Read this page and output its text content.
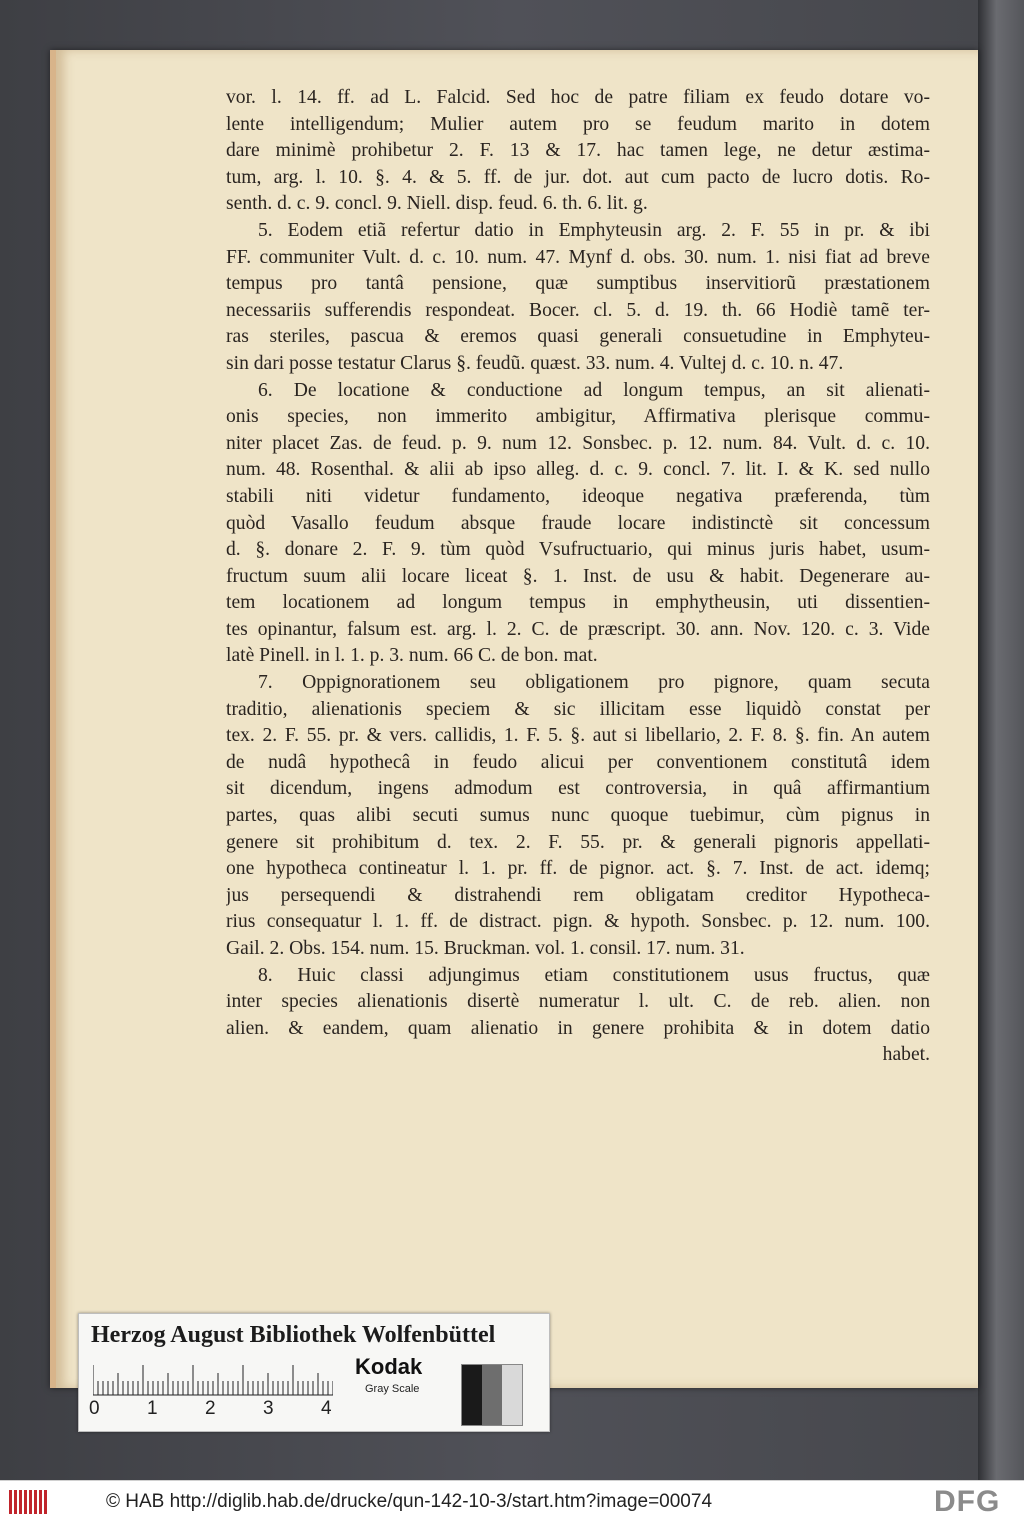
vor. l. 14. ff. ad L. Falcid. Sed hoc de patre filiam ex feudo dotare vo-
lente intelligendum; Mulier autem pro se feudum marito in dotem
dare minimè prohibetur 2. F. 13 & 17. hac tamen lege, ne detur æstima-
tum, arg. l. 10. §. 4. & 5. ff. de jur. dot. aut cum pacto de lucro dotis. Ro-
senth. d. c. 9. concl. 9. Niell. disp. feud. 6. th. 6. lit. g.
5. Eodem etiã refertur datio in Emphyteusin arg. 2. F. 55 in pr. & ibi
FF. communiter Vult. d. c. 10. num. 47. Mynf d. obs. 30. num. 1. nisi fiat ad breve
tempus pro tantâ pensione, quæ sumptibus inservitiorũ præstationem
necessariis sufferendis respondeat. Bocer. cl. 5. d. 19. th. 66 Hodiè tamẽ ter-
ras steriles, pascua & eremos quasi generali consuetudine in Emphyteu-
sin dari posse testatur Clarus §. feudũ. quæst. 33. num. 4. Vultej d. c. 10. n. 47.
6. De locatione & conductione ad longum tempus, an sit alienati-
onis species, non immerito ambigitur, Affirmativa plerisque commu-
niter placet Zas. de feud. p. 9. num 12. Sonsbec. p. 12. num. 84. Vult. d. c. 10.
num. 48. Rosenthal. & alii ab ipso alleg. d. c. 9. concl. 7. lit. I. & K. sed nullo
stabili niti videtur fundamento, ideoque negativa præferenda, tùm
quòd Vasallo feudum absque fraude locare indistinctè sit concessum
d. §. donare 2. F. 9. tùm quòd Vsufructuario, qui minus juris habet, usum-
fructum suum alii locare liceat §. 1. Inst. de usu & habit. Degenerare au-
tem locationem ad longum tempus in emphytheusin, uti dissentien-
tes opinantur, falsum est. arg. l. 2. C. de præscript. 30. ann. Nov. 120. c. 3. Vide
latè Pinell. in l. 1. p. 3. num. 66 C. de bon. mat.
7. Oppignorationem seu obligationem pro pignore, quam secuta
traditio, alienationis speciem & sic illicitam esse liquidò constat per
tex. 2. F. 55. pr. & vers. callidis, 1. F. 5. §. aut si libellario, 2. F. 8. §. fin. An autem
de nudâ hypothecâ in feudo alicui per conventionem constitutâ idem
sit dicendum, ingens admodum est controversia, in quâ affirmantium
partes, quas alibi secuti sumus nunc quoque tuebimur, cùm pignus in
genere sit prohibitum d. tex. 2. F. 55. pr. & generali pignoris appellati-
one hypotheca contineatur l. 1. pr. ff. de pignor. act. §. 7. Inst. de act. idemq;
jus persequendi & distrahendi rem obligatam creditor Hypotheca-
rius consequatur l. 1. ff. de distract. pign. & hypoth. Sonsbec. p. 12. num. 100.
Gail. 2. Obs. 154. num. 15. Bruckman. vol. 1. consil. 17. num. 31.
8. Huic classi adjungimus etiam constitutionem usus fructus, quæ
inter species alienationis disertè numeratur l. ult. C. de reb. alien. non
alien. & eandem, quam alienatio in genere prohibita & in dotem datio
habet.
Herzog August Bibliothek Wolfenbüttel
0 1 2 3 4
Kodak
Gray Scale
© HAB http://diglib.hab.de/drucke/qun-142-10-3/start.htm?image=00074	DFG
